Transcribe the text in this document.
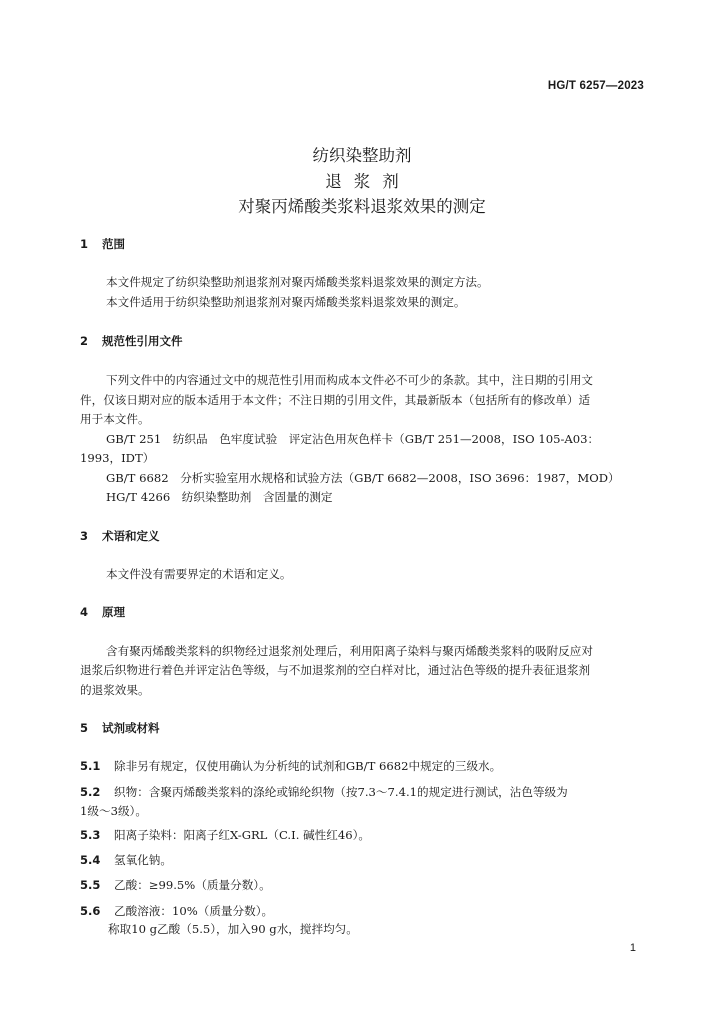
HG/T 6257—2023
纺织染整助剂
退浆剂
对聚丙烯酸类浆料退浆效果的测定
1 范围
本文件规定了纺织染整助剂退浆剂对聚丙烯酸类浆料退浆效果的测定方法。
本文件适用于纺织染整助剂退浆剂对聚丙烯酸类浆料退浆效果的测定。
2 规范性引用文件
下列文件中的内容通过文中的规范性引用而构成本文件必不可少的条款。其中，注日期的引用文
件，仅该日期对应的版本适用于本文件；不注日期的引用文件，其最新版本（包括所有的修改单）适
用于本文件。
GB/T 251　纺织品　色牢度试验　评定沾色用灰色样卡（GB/T 251—2008，ISO 105-A03：
1993，IDT）
GB/T 6682　分析实验室用水规格和试验方法（GB/T 6682—2008，ISO 3696：1987，MOD）
HG/T 4266　纺织染整助剂　含固量的测定
3 术语和定义
本文件没有需要界定的术语和定义。
4 原理
含有聚丙烯酸类浆料的织物经过退浆剂处理后，利用阳离子染料与聚丙烯酸类浆料的吸附反应对
退浆后织物进行着色并评定沾色等级，与不加退浆剂的空白样对比，通过沾色等级的提升表征退浆剂
的退浆效果。
5 试剂或材料
5.1 除非另有规定，仅使用确认为分析纯的试剂和GB/T 6682中规定的三级水。
5.2 织物：含聚丙烯酸类浆料的涤纶或锦纶织物（按7.3～7.4.1的规定进行测试，沾色等级为
1级～3级）。
5.3 阳离子染料：阳离子红X-GRL（C.I. 碱性红46）。
5.4 氢氧化钠。
5.5 乙酸：≥99.5%（质量分数）。
5.6 乙酸溶液：10%（质量分数）。
称取10 g乙酸（5.5），加入90 g水，搅拌均匀。
1
